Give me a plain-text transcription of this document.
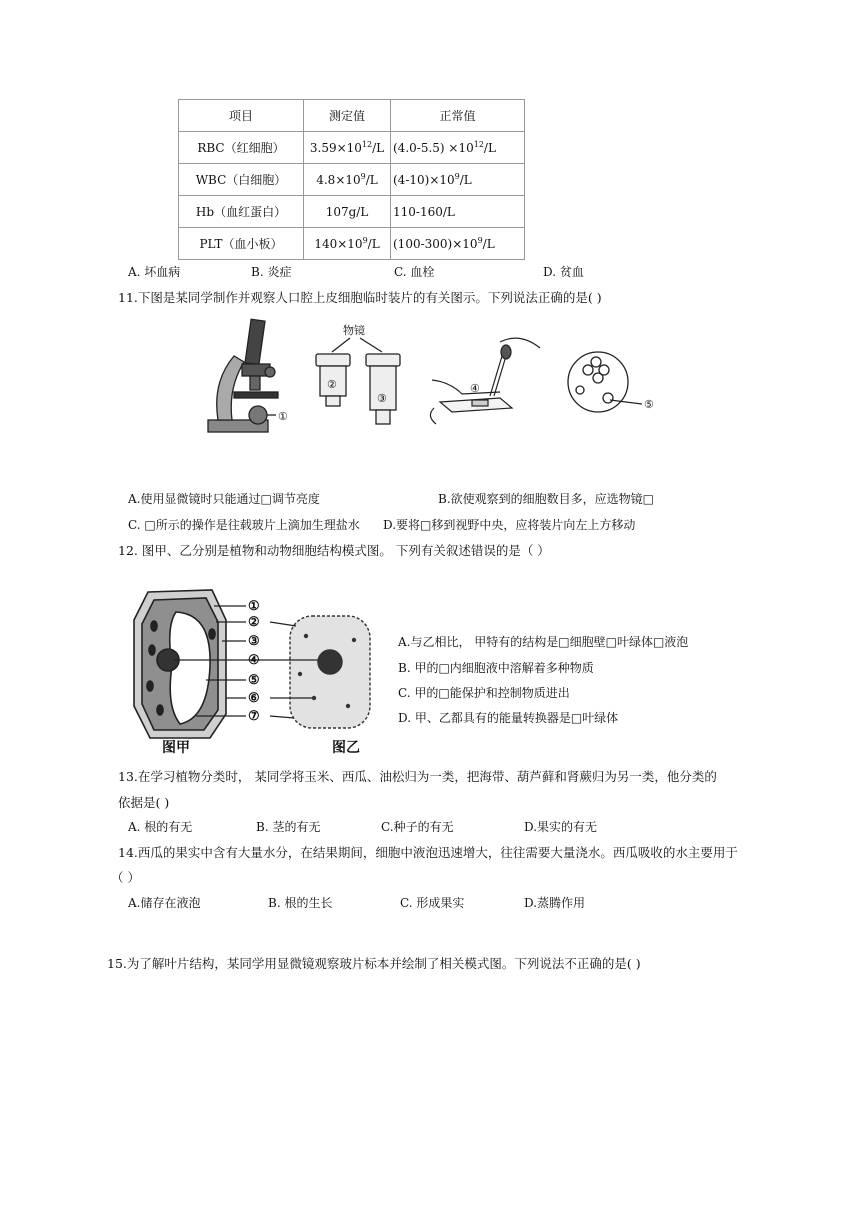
项目	测定值	正常值
RBC（红细胞）	$3.59\times 10^{12}/L$	$(4.0-5.5) \times 10^{12}/L$
WBC（白细胞）	$4.8\times 10^9/L$	$(4-10)\times 10^9/L$
Hb（血红蛋白）	107g/L	110-160/L
PLT（血小板）	$140\times 10^9/L$	$(100-300)\times 10^9/L$
A. 坏血病	B. 炎症	C. 血栓	D. 贫血
11.下图是某同学制作并观察人口腔上皮细胞临时装片的有关图示。下列说法正确的是( )
①
物镜
②
③
④
⑤
A.使用显微镜时只能通过□调节亮度	B.欲使观察到的细胞数目多，应选物镜□
C. □所示的操作是往载玻片上滴加生理盐水 D.要将□移到视野中央，应将装片向左上方移动
12. 图甲、乙分别是植物和动物细胞结构模式图。 下列有关叙述错误的是（ ）
①
②
③
④
⑤
⑥
⑦
图甲	图乙
A.与乙相比， 甲特有的结构是□细胞壁□叶绿体□液泡
B. 甲的□内细胞液中溶解着多种物质
C. 甲的□能保护和控制物质进出
D. 甲、乙都具有的能量转换器是□叶绿体
13.在学习植物分类时， 某同学将玉米、西瓜、油松归为一类，把海带、葫芦藓和肾蕨归为另一类，他分类的
依据是( )
A. 根的有无	B. 茎的有无	C.种子的有无	D.果实的有无
14.西瓜的果实中含有大量水分，在结果期间，细胞中液泡迅速增大，往往需要大量浇水。西瓜吸收的水主要用于
（ ）
A.储存在液泡	B. 根的生长	C. 形成果实	D.蒸腾作用
15.为了解叶片结构，某同学用显微镜观察玻片标本并绘制了相关模式图。下列说法不正确的是( )
